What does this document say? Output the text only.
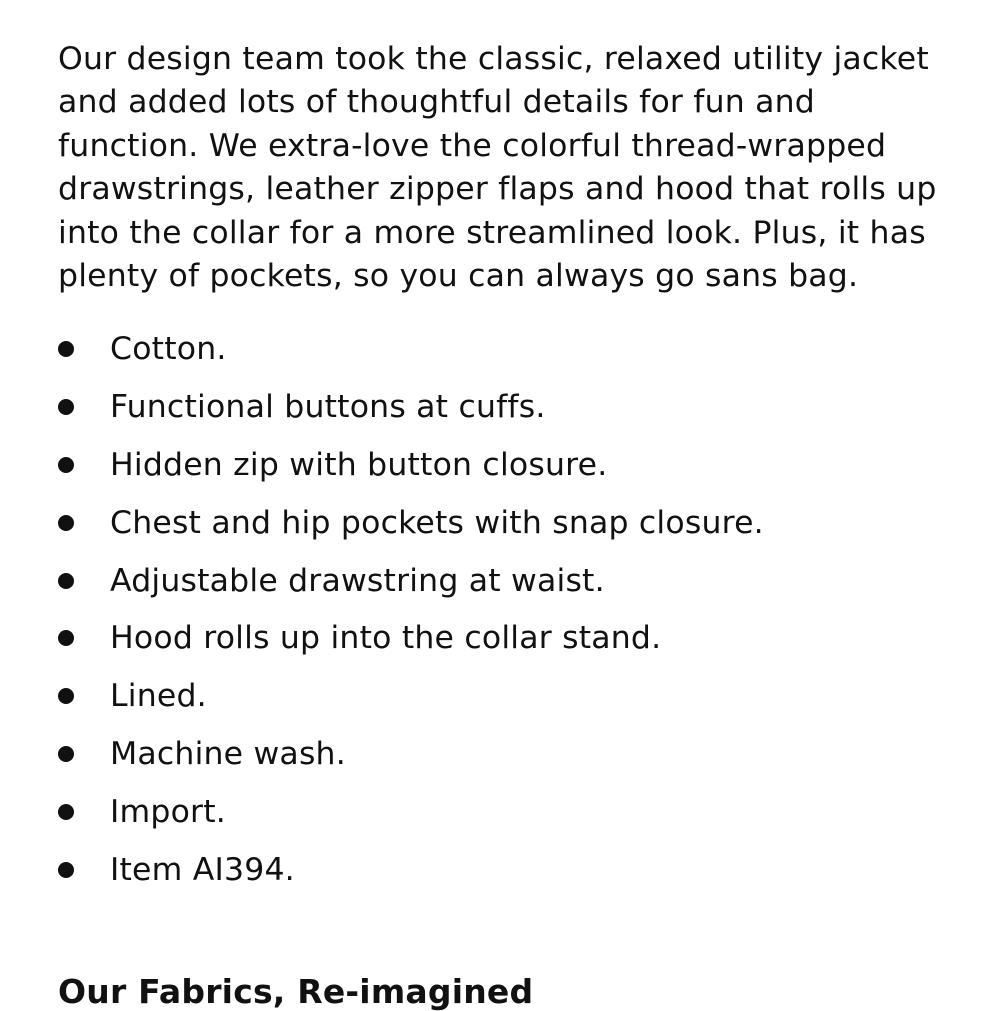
Our design team took the classic, relaxed utility jacket and added lots of thoughtful details for fun and function. We extra-love the colorful thread-wrapped drawstrings, leather zipper flaps and hood that rolls up into the collar for a more streamlined look. Plus, it has plenty of pockets, so you can always go sans bag.

Cotton.
Functional buttons at cuffs.
Hidden zip with button closure.
Chest and hip pockets with snap closure.
Adjustable drawstring at waist.
Hood rolls up into the collar stand.
Lined.
Machine wash.
Import.
Item AI394.
Our Fabrics, Re-imagined
